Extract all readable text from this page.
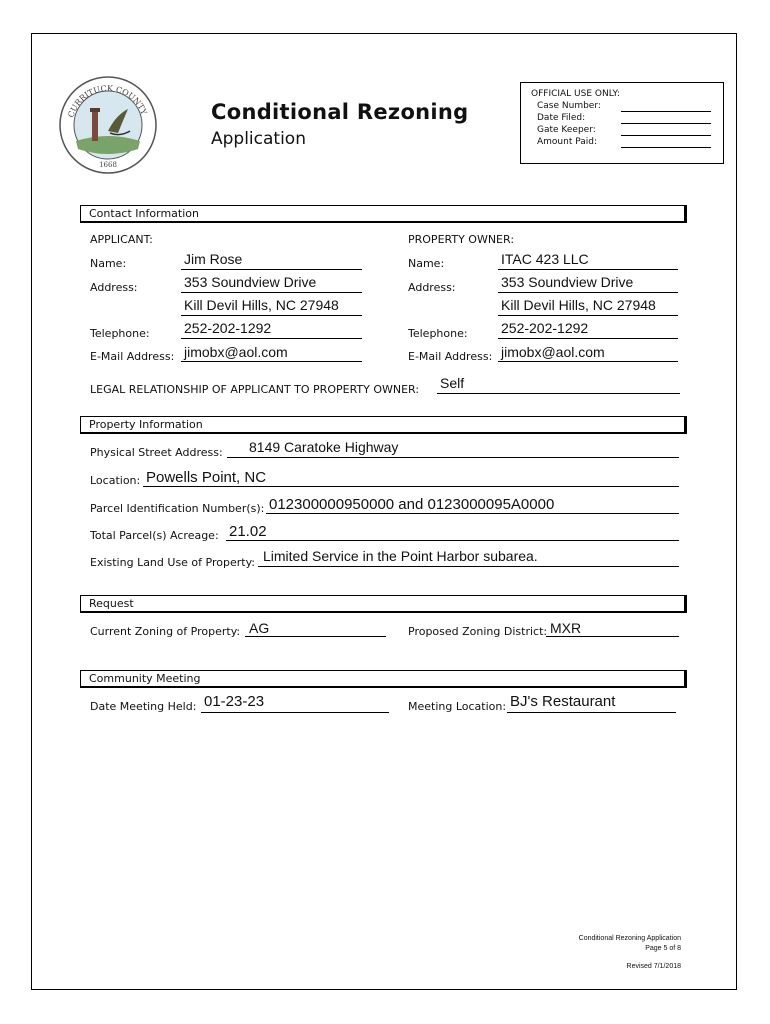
CURRITUCK COUNTY
1668
Conditional Rezoning
Application
OFFICIAL USE ONLY:
Case Number:
Date Filed:
Gate Keeper:
Amount Paid:
Contact Information
APPLICANT:	PROPERTY OWNER:
Name:	Jim Rose	Name:	ITAC 423 LLC
Address:	353 Soundview Drive
Kill Devil Hills, NC 27948
Address:	353 Soundview Drive
Kill Devil Hills, NC 27948
Telephone: 252-202-1292	Telephone: 252-202-1292
E-Mail Address: jimobx@aol.com	E-Mail Address: jimobx@aol.com
LEGAL RELATIONSHIP OF APPLICANT TO PROPERTY OWNER: Self
Property Information
Physical Street Address: 8149 Caratoke Highway
Location: Powells Point, NC
Parcel Identification Number(s): 012300000950000 and 0123000095A0000
Total Parcel(s) Acreage: 21.02
Existing Land Use of Property: Limited Service in the Point Harbor subarea.
Request
Current Zoning of Property: AG	Proposed Zoning District: MXR
Community Meeting
Date Meeting Held: 01-23-23	Meeting Location: BJ's Restaurant
Conditional Rezoning Application
Page 5 of 8
Revised 7/1/2018
